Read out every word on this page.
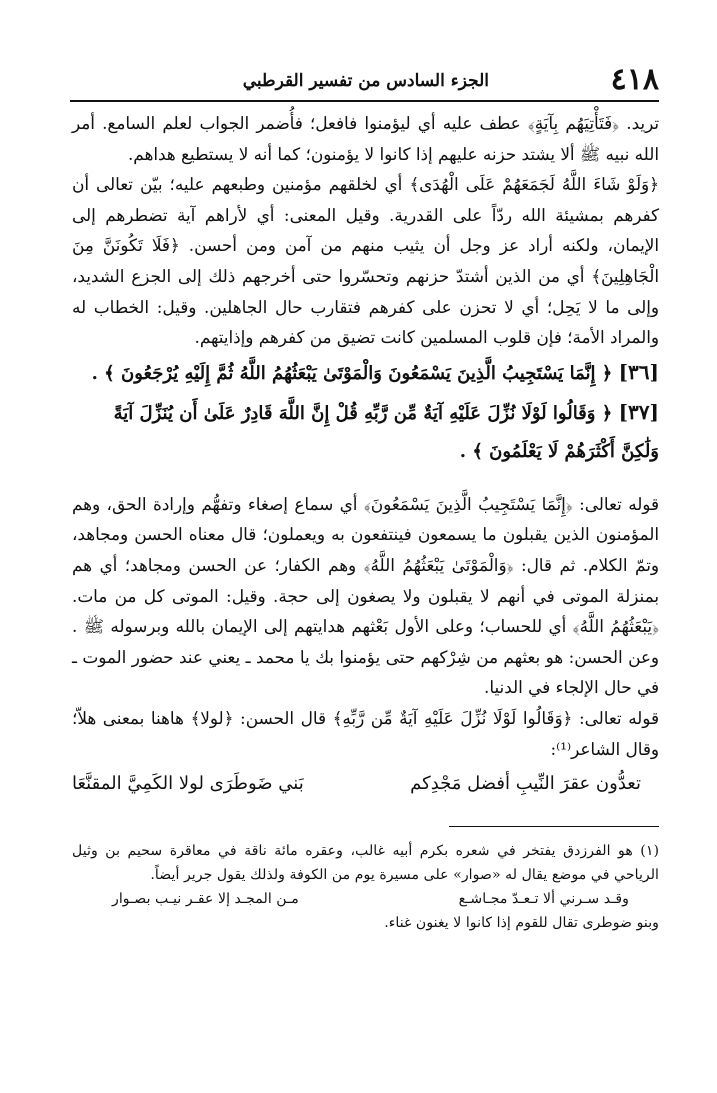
٤١٨
الجزء السادس من تفسير القرطبي

تريد. ﴿فَتَأْتِيَهُم بِآيَةٍ﴾ عطف عليه أي ليؤمنوا فافعل؛ فأُضمر الجواب لعلم السامع. أمر الله نبيه ﷺ ألا يشتد حزنه عليهم إذا كانوا لا يؤمنون؛ كما أنه لا يستطيع هداهم.

﴿وَلَوْ شَاءَ اللَّهُ لَجَمَعَهُمْ عَلَى الْهُدَى﴾ أي لخلقهم مؤمنين وطبعهم عليه؛ بيّن تعالى أن كفرهم بمشيئة الله ردّاً على القدرية. وقيل المعنى: أي لأراهم آية تضطرهم إلى الإيمان، ولكنه أراد عز وجل أن يثيب منهم من آمن ومن أحسن. ﴿فَلَا تَكُونَنَّ مِنَ الْجَاهِلِينَ﴾ أي من الذين أشتدّ حزنهم وتحسّروا حتى أخرجهم ذلك إلى الجزع الشديد، وإلى ما لا يَحِل؛ أي لا تحزن على كفرهم فتقارب حال الجاهلين. وقيل: الخطاب له والمراد الأمة؛ فإن قلوب المسلمين كانت تضيق من كفرهم وإذايتهم.

[٣٦] ﴿ إِنَّمَا يَسْتَجِيبُ الَّذِينَ يَسْمَعُونَ وَالْمَوْتَىٰ يَبْعَثُهُمُ اللَّهُ ثُمَّ إِلَيْهِ يُرْجَعُونَ ﴾ .

[٣٧] ﴿ وَقَالُوا لَوْلَا نُزِّلَ عَلَيْهِ آيَةٌ مِّن رَّبِّهِ قُلْ إِنَّ اللَّهَ قَادِرٌ عَلَىٰ أَن يُنَزِّلَ آيَةً وَلَٰكِنَّ أَكْثَرَهُمْ لَا يَعْلَمُونَ ﴾ .

قوله تعالى: ﴿إِنَّمَا يَسْتَجِيبُ الَّذِينَ يَسْمَعُونَ﴾ أي سماع إصغاء وتفهُّم وإرادة الحق، وهم المؤمنون الذين يقبلون ما يسمعون فينتفعون به ويعملون؛ قال معناه الحسن ومجاهد، وتمّ الكلام. ثم قال: ﴿وَالْمَوْتَىٰ يَبْعَثُهُمُ اللَّهُ﴾ وهم الكفار؛ عن الحسن ومجاهد؛ أي هم بمنزلة الموتى في أنهم لا يقبلون ولا يصغون إلى حجة. وقيل: الموتى كل من مات. ﴿يَبْعَثُهُمُ اللَّهُ﴾ أي للحساب؛ وعلى الأول بَعْثهم هدايتهم إلى الإيمان بالله وبرسوله ﷺ . وعن الحسن: هو بعثهم من شِرْكهم حتى يؤمنوا بك يا محمد ـ يعني عند حضور الموت ـ في حال الإلجاء في الدنيا.

قوله تعالى: ﴿وَقَالُوا لَوْلَا نُزِّلَ عَلَيْهِ آيَةٌ مِّن رَّبِّهِ﴾ قال الحسن: ﴿لولا﴾ هاهنا بمعنى هلاّ؛ وقال الشاعر⁽¹⁾:

تعدُّون عقرَ النِّيبِ أفضل مَجْدِكم
بَني ضَوطَرَى لولا الكَمِيَّ المقنَّعَا

(١) هو الفرزدق يفتخر في شعره بكرم أبيه غالب، وعقره مائة ناقة في معاقرة سحيم بن وثيل الرياحي في موضع يقال له «صوار» على مسيرة يوم من الكوفة ولذلك يقول جرير أيضاً.

وقـد سـرني ألا تـعـدّ مجـاشـع
مـن المجـد إلا عقـر نيـب بصـوار

وبنو ضوطرى تقال للقوم إذا كانوا لا يغنون غناء.
